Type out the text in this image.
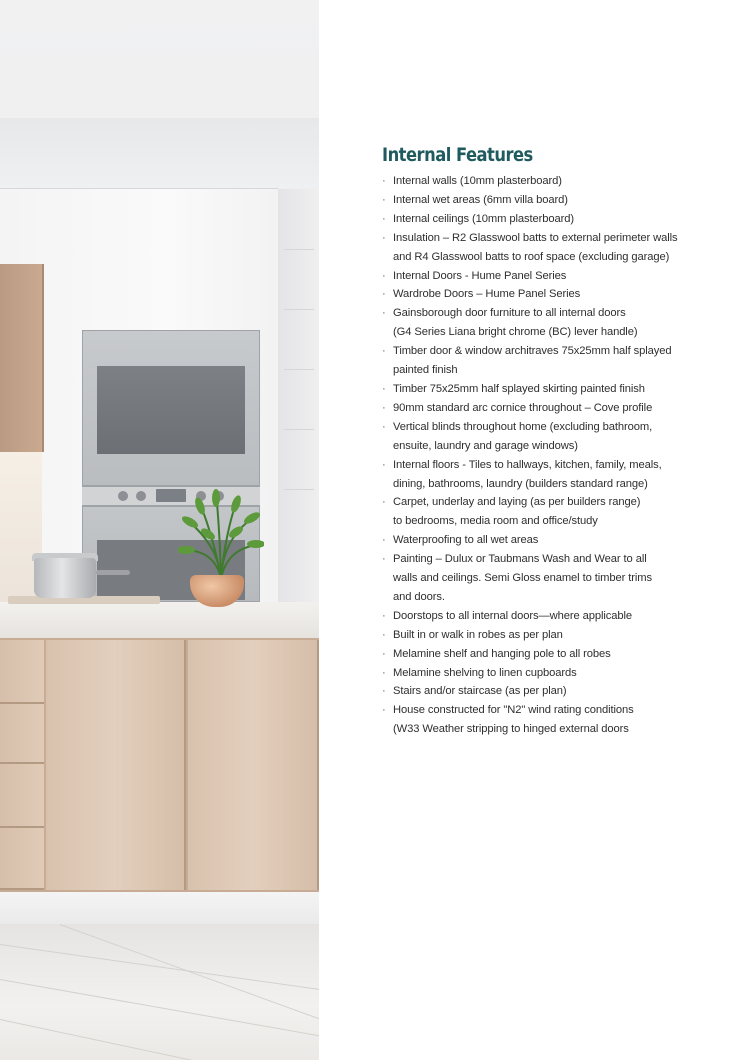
Internal Features
· Internal walls (10mm plasterboard)
· Internal wet areas (6mm villa board)
· Internal ceilings (10mm plasterboard)
· Insulation – R2 Glasswool batts to external perimeter walls
and R4 Glasswool batts to roof space (excluding garage)
· Internal Doors - Hume Panel Series
· Wardrobe Doors – Hume Panel Series
· Gainsborough door furniture to all internal doors
(G4 Series Liana bright chrome (BC) lever handle)
· Timber door & window architraves 75x25mm half splayed
painted finish
· Timber 75x25mm half splayed skirting painted finish
· 90mm standard arc cornice throughout – Cove profile
· Vertical blinds throughout home (excluding bathroom,
ensuite, laundry and garage windows)
· Internal floors - Tiles to hallways, kitchen, family, meals,
dining, bathrooms, laundry (builders standard range)
· Carpet, underlay and laying (as per builders range)
to bedrooms, media room and office/study
· Waterproofing to all wet areas
· Painting – Dulux or Taubmans Wash and Wear to all
walls and ceilings. Semi Gloss enamel to timber trims
and doors.
· Doorstops to all internal doors—where applicable
· Built in or walk in robes as per plan
· Melamine shelf and hanging pole to all robes
· Melamine shelving to linen cupboards
· Stairs and/or staircase (as per plan)
· House constructed for "N2" wind rating conditions
(W33 Weather stripping to hinged external doors
